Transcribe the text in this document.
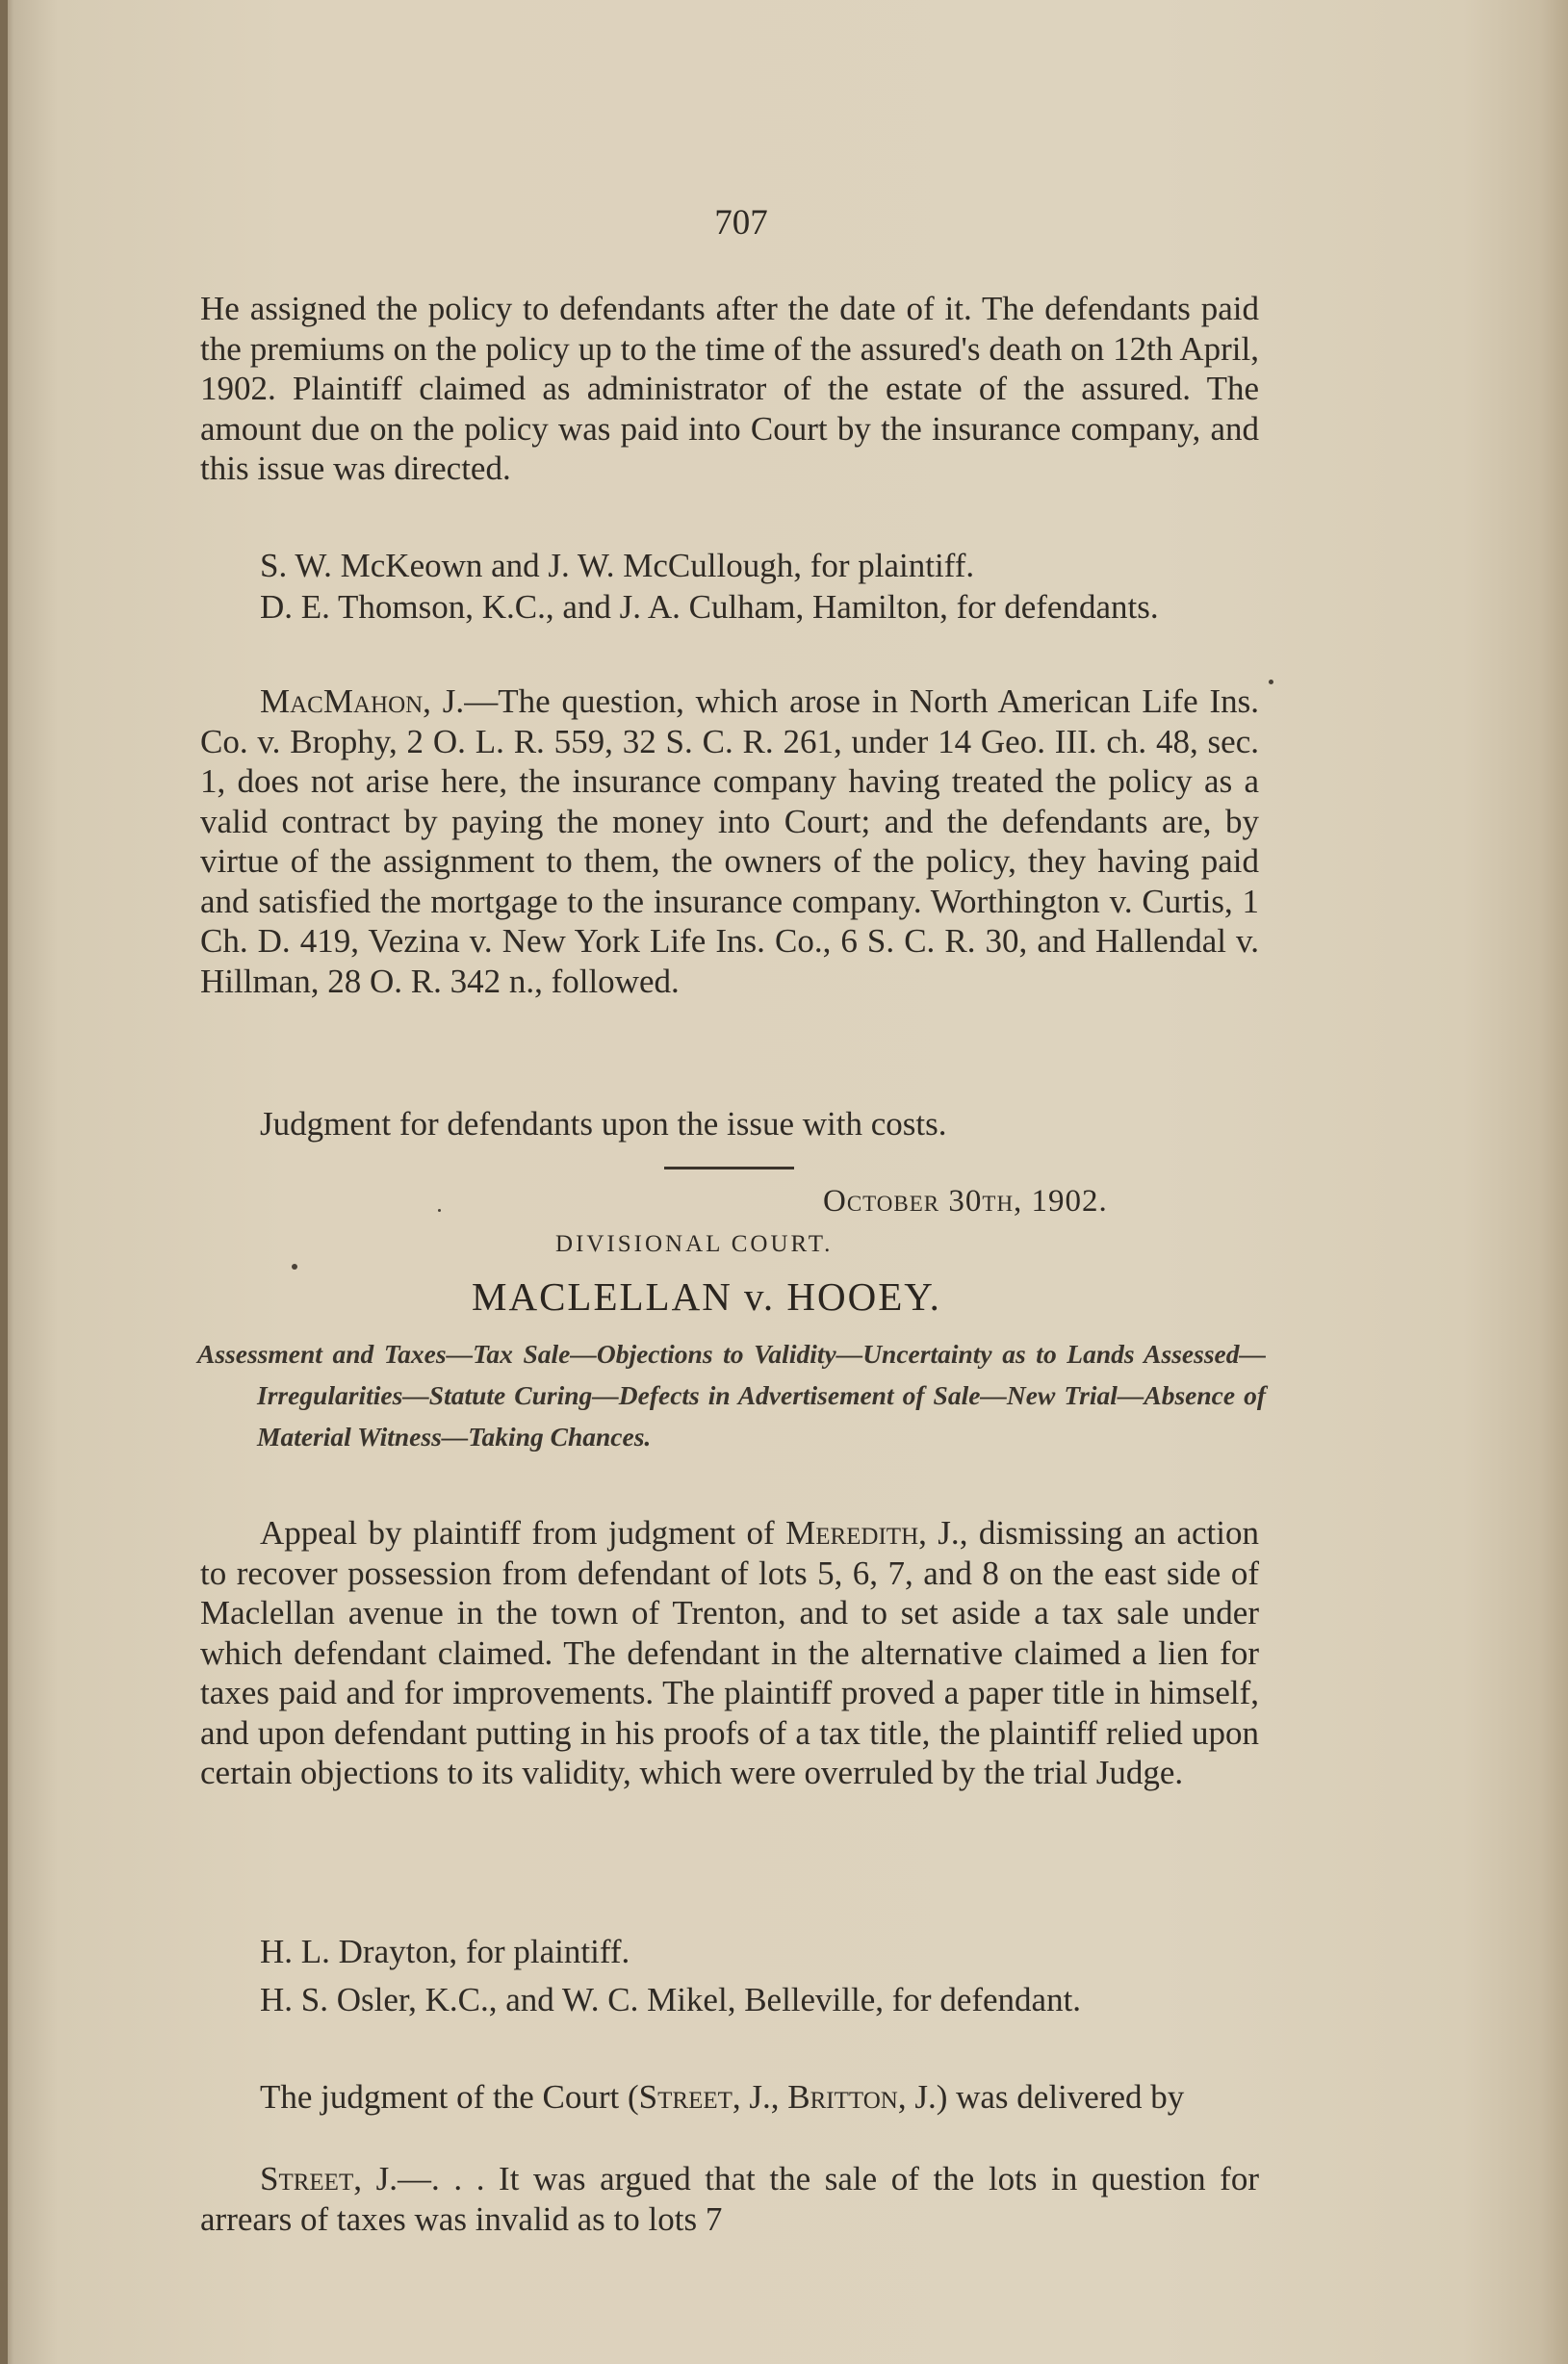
707

He assigned the policy to defendants after the date of it. The defendants paid the premiums on the policy up to the time of the assured's death on 12th April, 1902. Plaintiff claimed as administrator of the estate of the assured. The amount due on the policy was paid into Court by the insurance company, and this issue was directed.

S. W. McKeown and J. W. McCullough, for plaintiff.

D. E. Thomson, K.C., and J. A. Culham, Hamilton, for defendants.

MacMahon, J.—The question, which arose in North American Life Ins. Co. v. Brophy, 2 O. L. R. 559, 32 S. C. R. 261, under 14 Geo. III. ch. 48, sec. 1, does not arise here, the insurance company having treated the policy as a valid contract by paying the money into Court; and the defendants are, by virtue of the assignment to them, the owners of the policy, they having paid and satisfied the mortgage to the insurance company. Worthington v. Curtis, 1 Ch. D. 419, Vezina v. New York Life Ins. Co., 6 S. C. R. 30, and Hallendal v. Hillman, 28 O. R. 342 n., followed.

Judgment for defendants upon the issue with costs.

October 30th, 1902.
DIVISIONAL COURT.
MACLELLAN v. HOOEY.
Assessment and Taxes—Tax Sale—Objections to Validity—Uncertainty as to Lands Assessed—Irregularities—Statute Curing—Defects in Advertisement of Sale—New Trial—Absence of Material Witness—Taking Chances.

Appeal by plaintiff from judgment of Meredith, J., dismissing an action to recover possession from defendant of lots 5, 6, 7, and 8 on the east side of Maclellan avenue in the town of Trenton, and to set aside a tax sale under which defendant claimed. The defendant in the alternative claimed a lien for taxes paid and for improvements. The plaintiff proved a paper title in himself, and upon defendant putting in his proofs of a tax title, the plaintiff relied upon certain objections to its validity, which were overruled by the trial Judge.

H. L. Drayton, for plaintiff.

H. S. Osler, K.C., and W. C. Mikel, Belleville, for defendant.

The judgment of the Court (Street, J., Britton, J.) was delivered by

Street, J.—. . . It was argued that the sale of the lots in question for arrears of taxes was invalid as to lots 7
